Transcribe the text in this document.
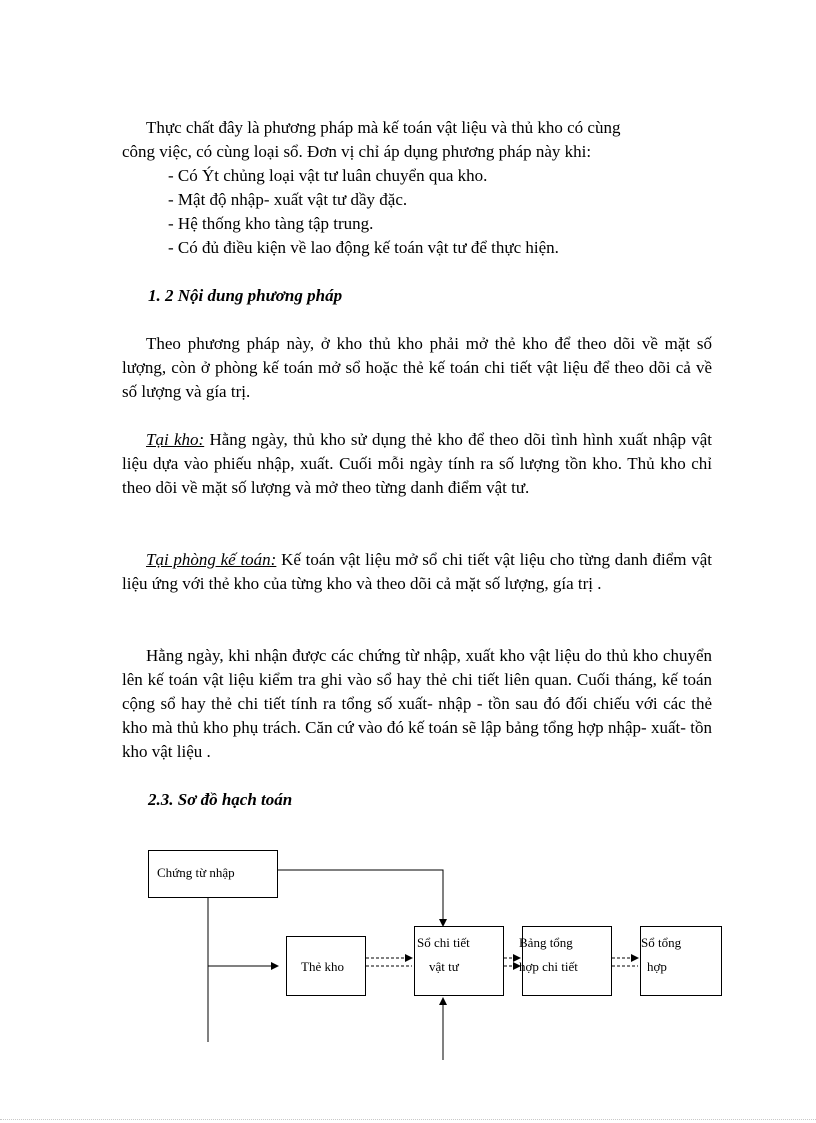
Thực chất đây là phương pháp mà kế toán vật liệu và thủ kho có cùng
công việc, có cùng loại sổ. Đơn vị chỉ áp dụng phương pháp này khi:

- Có Ýt chủng loại vật tư luân chuyển qua kho.

- Mật độ nhập- xuất vật tư dầy đặc.

- Hệ thống kho tàng tập trung.

- Có đủ điều kiện về lao động kế toán vật tư để thực hiện.

1. 2 Nội dung phương pháp

Theo phương pháp này, ở kho thủ kho phải mở thẻ kho để theo dõi về mặt số lượng, còn ở phòng kế toán mở sổ hoặc thẻ kế toán chi tiết vật liệu để theo dõi cả về số lượng và gía trị.

Tại kho: Hằng ngày, thủ kho sử dụng thẻ kho để theo dõi tình hình xuất nhập vật liệu dựa vào phiếu nhập, xuất. Cuối mỗi ngày tính ra số lượng tồn kho. Thủ kho chỉ theo dõi về mặt số lượng và mở theo từng danh điểm vật tư.

Tại phòng kế toán: Kế toán vật liệu mở sổ chi tiết vật liệu cho từng danh điểm vật liệu ứng với thẻ kho của từng kho và theo dõi cả mặt số lượng, gía trị .

Hằng ngày, khi nhận được các chứng từ nhập, xuất kho vật liệu do thủ kho chuyển lên kế toán vật liệu kiểm tra ghi vào sổ hay thẻ chi tiết liên quan. Cuối tháng, kế toán cộng sổ hay thẻ chi tiết tính ra tổng số xuất- nhập - tồn sau đó đối chiếu với các thẻ kho mà thủ kho phụ trách. Căn cứ vào đó kế toán sẽ lập bảng tổng hợp nhập- xuất- tồn kho vật liệu .

2.3. Sơ đồ hạch toán

Chứng từ nhập
Thẻ kho
Sổ chi tiết
vật tư
Bảng tổng
hợp chi tiết
Sổ tổng
hợp
